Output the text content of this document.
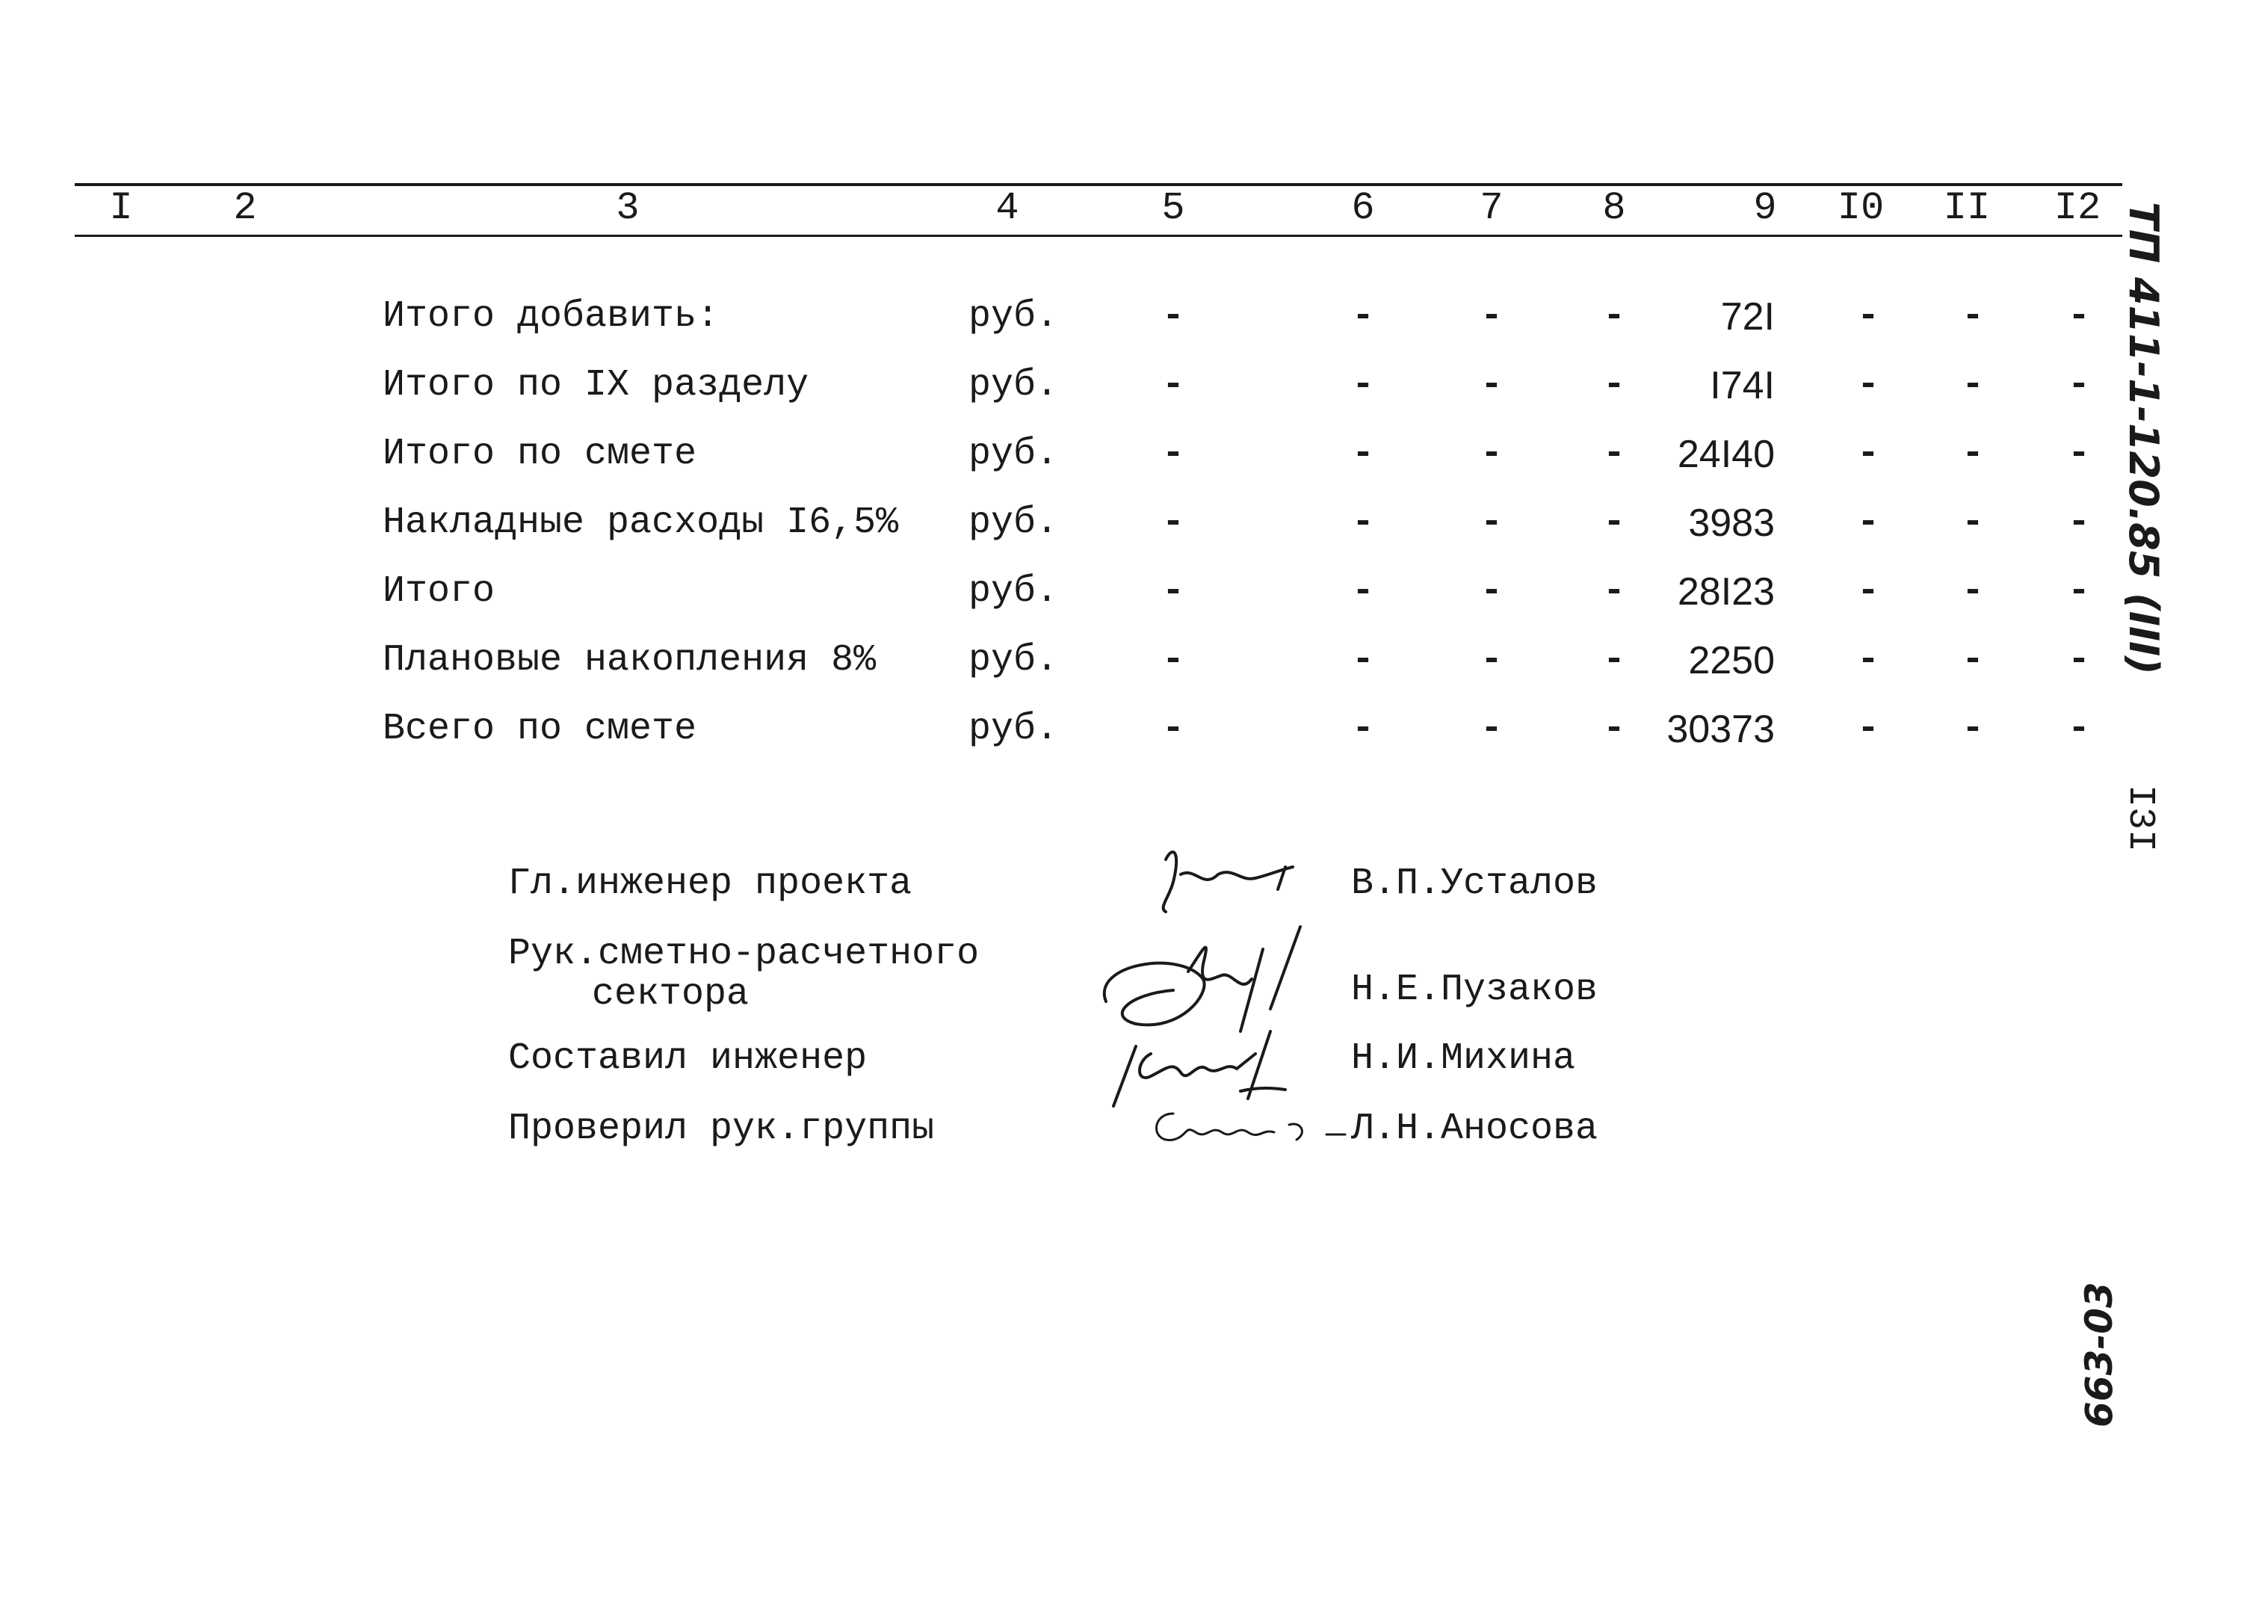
I	2	3	4	5	6	7	8	9 I0 II I2
Итого добавить:	руб.	-	-	-	- 72I - - -
Итого по IX разделу	руб.	-	-	-	- I74I - - -
Итого по смете	руб.	-	-	-	- 24I40 - - -
Накладные расходы I6,5% руб.	-	-	-	- 3983 - - -
Итого	руб.	-	-	-	- 28I23 - - -
Плановые накопления 8% руб.	-	-	-	- 2250 - - -
Всего по смете	руб.	-	-	-	- 30373 - - -
Гл.инженер проекта	В.П.Усталов
Рук.сметно-расчетного
сектора	Н.Е.Пузаков
Составил инженер	Н.И.Михина
Проверил рук.группы	Л.Н.Аносова
ТП 411-1-120.85 (III)
I3I
663-03
